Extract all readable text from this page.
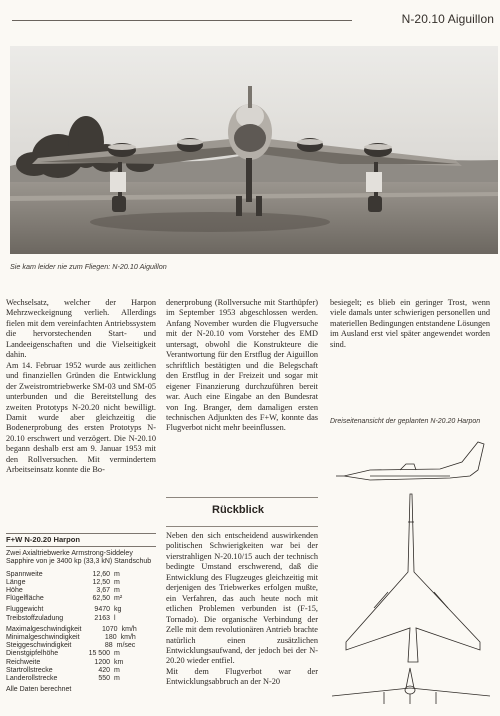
N-20.10 Aiguillon
Sie kam leider nie zum Fliegen: N-20.10 Aiguillon

Wechselsatz, welcher der Harpon Mehrzweckeignung verlieh. Allerdings fielen mit dem vereinfachten Antriebssystem die hervorstechenden Start- und Landeeigenschaften und die Vielseitigkeit dahin.

Am 14. Februar 1952 wurde aus zeitlichen und finanziellen Gründen die Entwicklung der Zweistromtriebwerke SM-03 und SM-05 unterbunden und die Bereitstellung des zweiten Prototyps N-20.20 nicht bewilligt. Damit wurde aber gleichzeitig die Bodenerprobung des ersten Prototyps N-20.10 erschwert und verzögert. Die N-20.10 begann deshalb erst am 9. Januar 1953 mit den Rollversuchen. Mit vermindertem Arbeitseinsatz konnte die Bo-

denerprobung (Rollversuche mit Starthüpfer) im September 1953 abgeschlossen werden. Anfang November wurden die Flugversuche mit der N-20.10 vom Vorsteher des EMD untersagt, obwohl die Konstrukteure die Verantwortung für den Erstflug der Aiguillon schriftlich bestätigten und die Belegschaft den Erstflug in der Freizeit und sogar mit eigener Finanzierung durchzuführen bereit war. Auch eine Eingabe an den Bundesrat von Ing. Branger, dem damaligen ersten technischen Adjunkten des F+W, konnte das Flugverbot nicht mehr beeinflussen.

Rückblick

Neben den sich entscheidend auswirkenden politischen Schwierigkeiten war bei der vierstrahligen N-20.10/15 auch der technisch bedingte Umstand erschwerend, daß die Entwicklung des Flugzeuges gleichzeitig mit derjenigen des Triebwerkes erfolgen mußte, ein Verfahren, das auch heute noch mit etlichen Problemen verbunden ist (F-15, Tornado). Die organische Verbindung der Zelle mit dem revolutionären Antrieb brachte natürlich einen zusätzlichen Entwicklungsaufwand, der jedoch bei der N-20.20 wieder entfiel.

Mit dem Flugverbot war der Entwicklungsabbruch an der N-20

besiegelt; es blieb ein geringer Trost, wenn viele damals unter schwierigen personellen und materiellen Bedingungen entstandene Lösungen im Ausland erst viel später angewendet worden sind.

Dreiseitenansicht der geplanten N-20.20 Harpon
F+W N-20.20 Harpon
Zwei Axialtriebwerke Armstrong-Siddeley Sapphire von je 3400 kp (33,3 kN) Standschub
Spannweite	12,60 m
Länge	12,50 m
Höhe	3,67 m
Flügelfläche	62,50 m²
Fluggewicht	9470 kg
Treibstoffzuladung	2163 l
Maximalgeschwindigkeit	1070 km/h
Minimalgeschwindigkeit	180 km/h
Steiggeschwindigkeit	88 m/sec
Dienstgipfelhöhe	15 500 m
Reichweite	1200 km
Startrollstrecke	420 m
Landerollstrecke	550 m
Alle Daten berechnet
